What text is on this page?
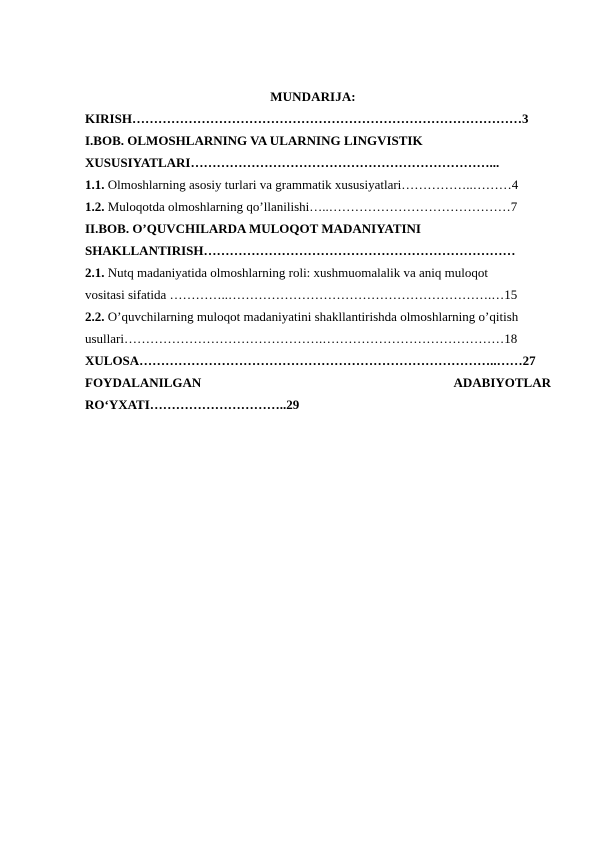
MUNDARIJA:
KIRISH………………………………………………………………………………3
I.BOB. OLMOSHLARNING VA ULARNING LINGVISTIK
XUSUSIYATLARI……………………………………………………………...
1.1. Olmoshlarning asosiy turlari va grammatik xususiyatlari……………..………4
1.2. Muloqotda olmoshlarning qo’llanilishi…..……………………………………7
II.BOB. O’QUVCHILARDA MULOQOT MADANIYATINI
SHAKLLANTIRISH………………………………………………………………
2.1. Nutq madaniyatida olmoshlarning roli: xushmuomalalik va aniq muloqot
vositasi sifatida …………..…………………………………………………….…15
2.2. O’quvchilarning muloqot madaniyatini shakllantirishda olmoshlarning o’qitish
usullari……………………………………….……………………………………18
XULOSA………………………………………………………………………..……27
FOYDALANILGAN	ADABIYOTLAR
RO‘YXATI…………………………..29
